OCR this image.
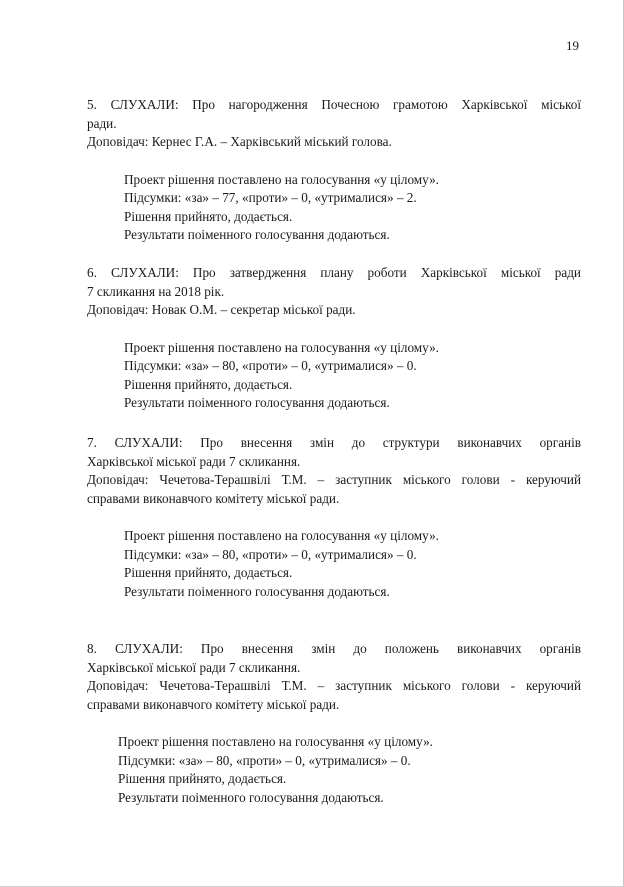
19
5. СЛУХАЛИ: Про нагородження Почесною грамотою Харківської міської
ради.
Доповідач: Кернес Г.А. – Харківський міський голова.
Проект рішення поставлено на голосування «у цілому».
Підсумки: «за» – 77, «проти» – 0, «утрималися» – 2.
Рішення прийнято, додається.
Результати поіменного голосування додаються.
6. СЛУХАЛИ: Про затвердження плану роботи Харківської міської ради
7 скликання на 2018 рік.
Доповідач: Новак О.М. – секретар міської ради.
Проект рішення поставлено на голосування «у цілому».
Підсумки: «за» – 80, «проти» – 0, «утрималися» – 0.
Рішення прийнято, додається.
Результати поіменного голосування додаються.
7. СЛУХАЛИ: Про внесення змін до структури виконавчих органів
Харківської міської ради 7 скликання.
Доповідач: Чечетова-Терашвілі Т.М. – заступник міського голови - керуючий
справами виконавчого комітету міської ради.
Проект рішення поставлено на голосування «у цілому».
Підсумки: «за» – 80, «проти» – 0, «утрималися» – 0.
Рішення прийнято, додається.
Результати поіменного голосування додаються.
8. СЛУХАЛИ: Про внесення змін до положень виконавчих органів
Харківської міської ради 7 скликання.
Доповідач: Чечетова-Терашвілі Т.М. – заступник міського голови - керуючий
справами виконавчого комітету міської ради.
Проект рішення поставлено на голосування «у цілому».
Підсумки: «за» – 80, «проти» – 0, «утрималися» – 0.
Рішення прийнято, додається.
Результати поіменного голосування додаються.
